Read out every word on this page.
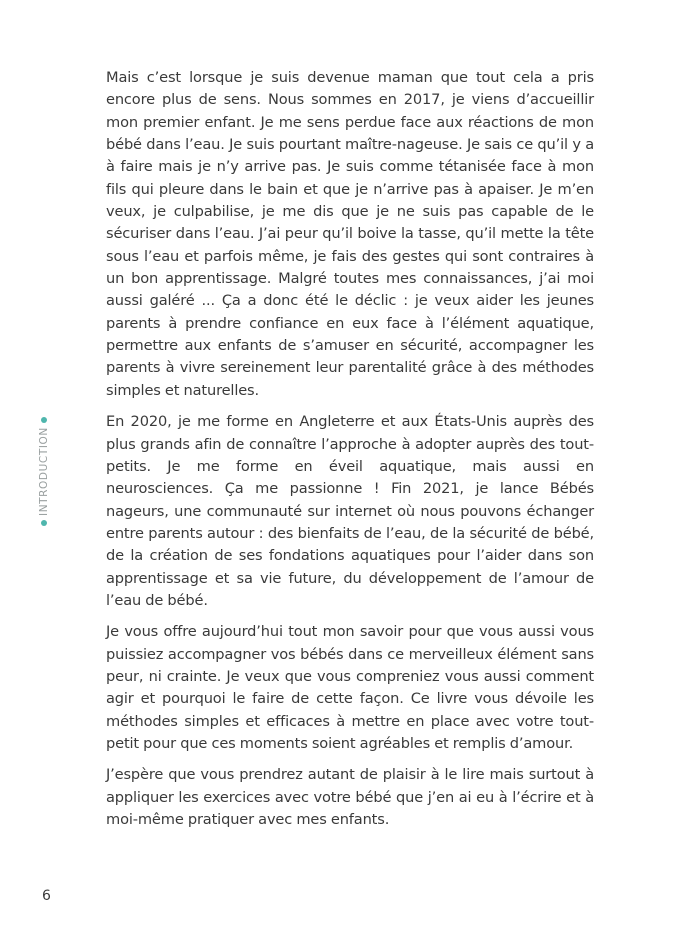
INTRODUCTION

Mais c’est lorsque je suis devenue maman que tout cela a pris encore plus de sens. Nous sommes en 2017, je viens d’accueillir mon premier enfant. Je me sens perdue face aux réactions de mon bébé dans l’eau. Je suis pourtant maître-nageuse. Je sais ce qu’il y a à faire mais je n’y arrive pas. Je suis comme tétanisée face à mon fils qui pleure dans le bain et que je n’arrive pas à apaiser. Je m’en veux, je culpabilise, je me dis que je ne suis pas capable de le sécuriser dans l’eau. J’ai peur qu’il boive la tasse, qu’il mette la tête sous l’eau et parfois même, je fais des gestes qui sont contraires à un bon apprentissage. Malgré toutes mes connaissances, j’ai moi aussi galéré ... Ça a donc été le déclic : je veux aider les jeunes parents à prendre confiance en eux face à l’élément aquatique, permettre aux enfants de s’amuser en sécurité, accompagner les parents à vivre sereinement leur parentalité grâce à des méthodes simples et naturelles.

En 2020, je me forme en Angleterre et aux États-Unis auprès des plus grands afin de connaître l’approche à adopter auprès des tout-petits. Je me forme en éveil aquatique, mais aussi en neurosciences. Ça me passionne ! Fin 2021, je lance Bébés nageurs, une communauté sur internet où nous pouvons échanger entre parents autour : des bienfaits de l’eau, de la sécurité de bébé, de la création de ses fondations aquatiques pour l’aider dans son apprentissage et sa vie future, du développement de l’amour de l’eau de bébé.

Je vous offre aujourd’hui tout mon savoir pour que vous aussi vous puissiez accompagner vos bébés dans ce merveilleux élément sans peur, ni crainte. Je veux que vous compreniez vous aussi comment agir et pourquoi le faire de cette façon. Ce livre vous dévoile les méthodes simples et efficaces à mettre en place avec votre tout-petit pour que ces moments soient agréables et remplis d’amour.

J’espère que vous prendrez autant de plaisir à le lire mais surtout à appliquer les exercices avec votre bébé que j’en ai eu à l’écrire et à moi-même pratiquer avec mes enfants.

6
